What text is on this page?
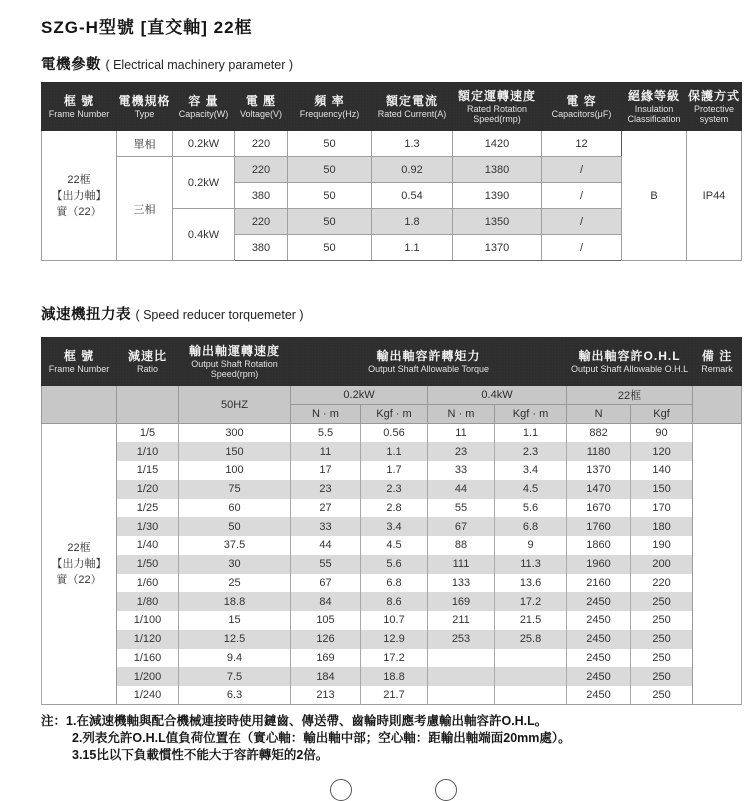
SZG-H型號 [直交軸] 22框
電機參數 ( Electrical machinery parameter )
框 號
Frame Number

電機規格
Type

容 量
Capacity(W)

電 壓
Voltage(V)

頻 率
Frequency(Hz)

額定電流
Rated Current(A)

額定運轉速度
Rated Rotation Speed(rmp)

電 容
Capacitors(μF)

絕緣等級
Insulation Classification

保護方式
Protective system

22框
【出力軸】
實（22）	單相	0.2kW	220	50	1.3	1420	12	B	IP44
	三相	0.2kW	220	50	0.92	1380	/		
			380	50	0.54	1390	/		
		0.4kW	220	50	1.8	1350	/		
			380	50	1.1	1370	/		
減速機扭力表 ( Speed reducer torquemeter )
框 號
Frame Number

減速比
Ratio

輸出軸運轉速度
Output Shaft Rotation Speed(rpm)

輸出軸容許轉矩力
Output Shaft Allowable Torque

輸出軸容許O.H.L
Output Shaft Allowable O.H.L

備 注
Remark

		50HZ	0.2kW		0.4kW		22框		
			N · m	Kgf · m	N · m	Kgf · m	N	Kgf	

22框
【出力軸】
實（22）	1/5	300	5.5	0.56	11	1.1	882	90	
	1/10	150	11	1.1	23	2.3	1180	120	
	1/15	100	17	1.7	33	3.4	1370	140	
	1/20	75	23	2.3	44	4.5	1470	150	
	1/25	60	27	2.8	55	5.6	1670	170	
	1/30	50	33	3.4	67	6.8	1760	180	
	1/40	37.5	44	4.5	88	9	1860	190	
	1/50	30	55	5.6	111	11.3	1960	200	
	1/60	25	67	6.8	133	13.6	2160	220	
	1/80	18.8	84	8.6	169	17.2	2450	250	
	1/100	15	105	10.7	211	21.5	2450	250	
	1/120	12.5	126	12.9	253	25.8	2450	250	
	1/160	9.4	169	17.2			2450	250	
	1/200	7.5	184	18.8			2450	250	
	1/240	6.3	213	21.7			2450	250	
注： 1.在減速機軸與配合機械連接時使用鏈齒、傳送帶、齒輪時則應考慮輸出軸容許O.H.L。
2.列表允許O.H.L值負荷位置在（實心軸：輸出軸中部；空心軸：距輸出軸端面20mm處）。
3.15比以下負載慣性不能大于容許轉矩的2倍。
